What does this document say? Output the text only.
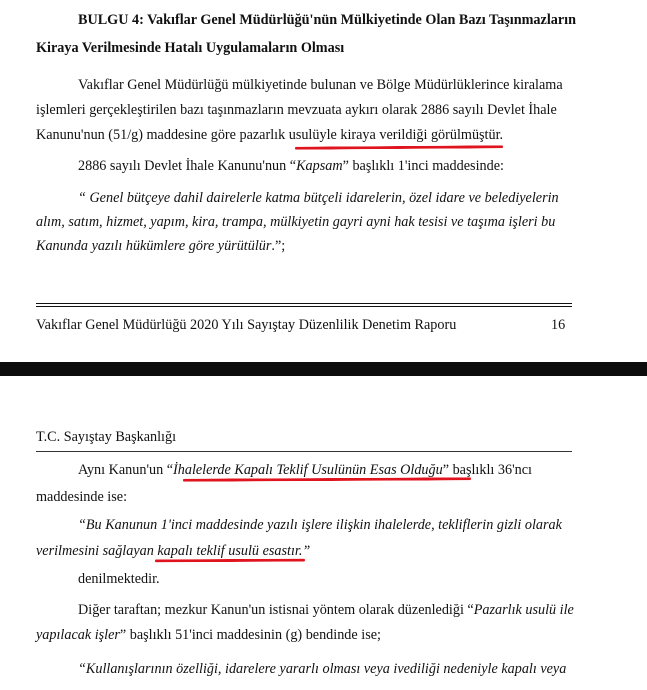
BULGU 4: Vakıflar Genel Müdürlüğü'nün Mülkiyetinde Olan Bazı Taşınmazların
Kiraya Verilmesinde Hatalı Uygulamaların Olması
Vakıflar Genel Müdürlüğü mülkiyetinde bulunan ve Bölge Müdürlüklerince kiralama
işlemleri gerçekleştirilen bazı taşınmazların mevzuata aykırı olarak 2886 sayılı Devlet İhale
Kanunu'nun (51/g) maddesine göre pazarlık usulüyle kiraya verildiği görülmüştür.
2886 sayılı Devlet İhale Kanunu'nun “Kapsam” başlıklı 1'inci maddesinde:
“ Genel bütçeye dahil dairelerle katma bütçeli idarelerin, özel idare ve belediyelerin
alım, satım, hizmet, yapım, kira, trampa, mülkiyetin gayri ayni hak tesisi ve taşıma işleri bu
Kanunda yazılı hükümlere göre yürütülür.”;
Vakıflar Genel Müdürlüğü 2020 Yılı Sayıştay Düzenlilik Denetim Raporu	16
T.C. Sayıştay Başkanlığı
Aynı Kanun'un “İhalelerde Kapalı Teklif Usulünün Esas Olduğu” başlıklı 36'ncı
maddesinde ise:
“Bu Kanunun 1'inci maddesinde yazılı işlere ilişkin ihalelerde, tekliflerin gizli olarak
verilmesini sağlayan kapalı teklif usulü esastır.”
denilmektedir.
Diğer taraftan; mezkur Kanun'un istisnai yöntem olarak düzenlediği “Pazarlık usulü ile
yapılacak işler” başlıklı 51'inci maddesinin (g) bendinde ise;
“Kullanışlarının özelliği, idarelere yararlı olması veya ivediliği nedeniyle kapalı veya
